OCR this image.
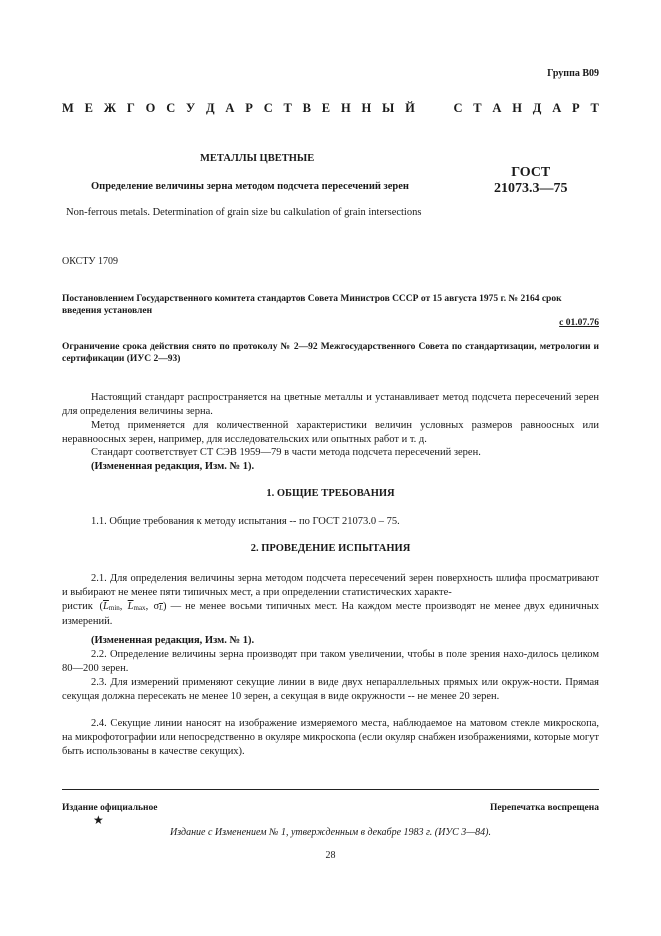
Группа В09
М Е Ж Г О С У Д А Р С Т В Е Н Н Ы Й

	С Т А Н Д А Р Т
МЕТАЛЛЫ ЦВЕТНЫЕ
Определение величины зерна методом подсчета пересечений зерен
ГОСТ
21073.3—75
Non-ferrous metals. Determination of grain size bu calkulation of grain intersections
ОКСТУ 1709
Постановлением Государственного комитета стандартов Совета Министров СССР от 15 августа 1975 г. № 2164 срок введения установлен
с 01.07.76
Ограничение срока действия снято по протоколу № 2—92 Межгосударственного Совета по стандартизации, метрологии и сертификации (ИУС 2—93)
Настоящий стандарт распространяется на цветные металлы и устанавливает метод подсчета пересечений зерен для определения величины зерна.
Метод применяется для количественной характеристики величин условных размеров равноосных или неравноосных зерен, например, для исследовательских или опытных работ и т. д.
Стандарт соответствует СТ СЭВ 1959—79 в части метода подсчета пересечений зерен.
(Измененная редакция, Изм. № 1).
1. ОБЩИЕ ТРЕБОВАНИЯ
1.1. Общие требования к методу испытания -- по ГОСТ 21073.0 – 75.
2. ПРОВЕДЕНИЕ ИСПЫТАНИЯ
2.1. Для определения величины зерна методом подсчета пересечений зерен поверхность шлифа просматривают и выбирают не менее пяти типичных мест, а при определении статистических характе-
ристик ($\overline{L}\min$,  $\overline{L}\max$,  $\sigma\overline{L}$) — не менее восьми типичных мест. На каждом месте производят не менее двух единичных измерений.
(Измененная редакция, Изм. № 1).
2.2. Определение величины зерна производят при таком увеличении, чтобы в поле зрения нахо-дилось целиком 80—200 зерен.
2.3. Для измерений применяют секущие линии в виде двух непараллельных прямых или окруж-ности. Прямая секущая должна пересекать не менее 10 зерен, а секущая в виде окружности -- не менее 20 зерен.
2.4. Секущие линии наносят на изображение измеряемого места, наблюдаемое на матовом стекле микроскопа, на микрофотографии или непосредственно в окуляре микроскопа (если окуляр снабжен изображениями, которые могут быть использованы в качестве секущих).
Издание официальное	Перепечатка воспрещена
★
Издание с Изменением № 1, утвержденным в декабре 1983 г. (ИУС 3—84).
28
